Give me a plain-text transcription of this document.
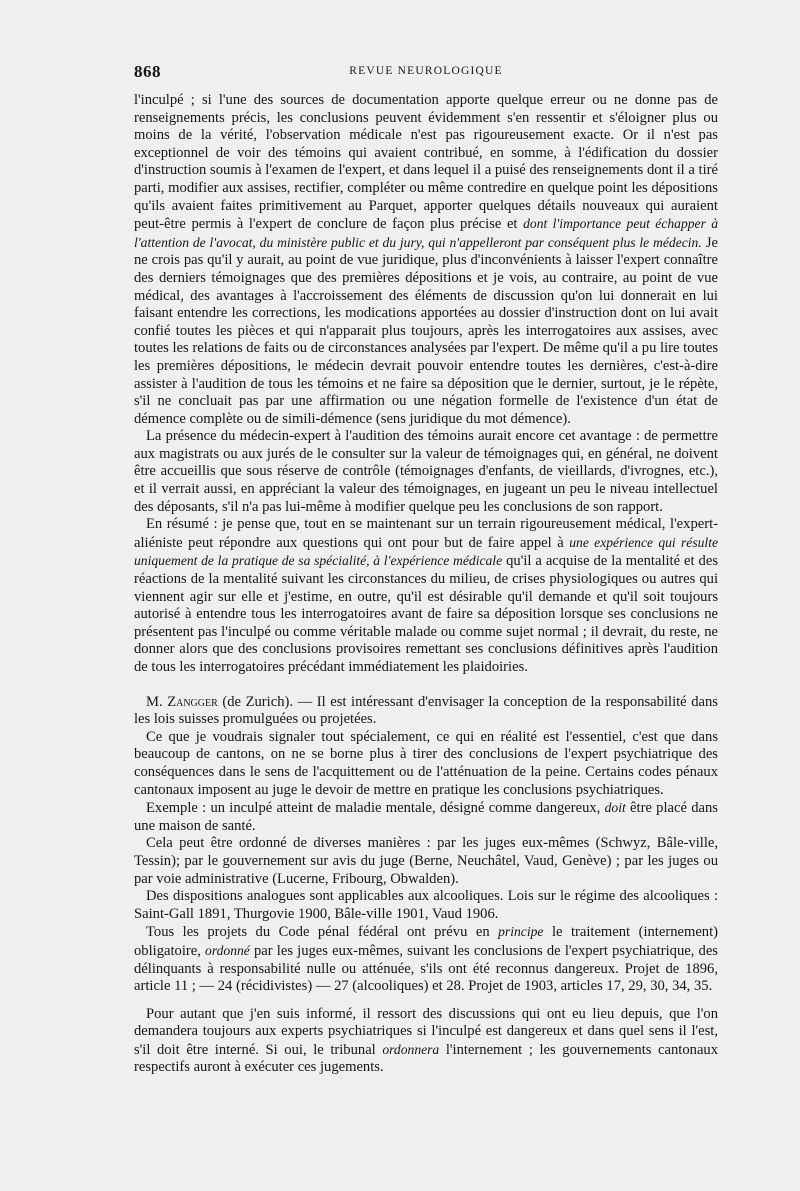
868	REVUE NEUROLOGIQUE

l'inculpé ; si l'une des sources de documentation apporte quelque erreur ou ne donne pas de renseignements précis, les conclusions peuvent évidemment s'en ressentir et s'éloigner plus ou moins de la vérité, l'observation médicale n'est pas rigoureusement exacte. Or il n'est pas exceptionnel de voir des témoins qui avaient contribué, en somme, à l'édification du dossier d'instruction soumis à l'examen de l'expert, et dans lequel il a puisé des renseignements dont il a tiré parti, modifier aux assises, rectifier, compléter ou même contredire en quelque point les dépositions qu'ils avaient faites primitivement au Parquet, apporter quelques détails nouveaux qui auraient peut-être permis à l'expert de conclure de façon plus précise et dont l'importance peut échapper à l'attention de l'avocat, du ministère public et du jury, qui n'appelleront par conséquent plus le médecin. Je ne crois pas qu'il y aurait, au point de vue juridique, plus d'inconvénients à laisser l'expert connaître des derniers témoignages que des premières dépositions et je vois, au contraire, au point de vue médical, des avantages à l'accroissement des éléments de discussion qu'on lui donnerait en lui faisant entendre les corrections, les modications apportées au dossier d'instruction dont on lui avait confié toutes les pièces et qui n'apparait plus toujours, après les interrogatoires aux assises, avec toutes les relations de faits ou de circonstances analysées par l'expert. De même qu'il a pu lire toutes les premières dépositions, le médecin devrait pouvoir entendre toutes les dernières, c'est-à-dire assister à l'audition de tous les témoins et ne faire sa déposition que le dernier, surtout, je le répète, s'il ne concluait pas par une affirmation ou une négation formelle de l'existence d'un état de démence complète ou de simili-démence (sens juridique du mot démence).

La présence du médecin-expert à l'audition des témoins aurait encore cet avantage : de permettre aux magistrats ou aux jurés de le consulter sur la valeur de témoignages qui, en général, ne doivent être accueillis que sous réserve de contrôle (témoignages d'enfants, de vieillards, d'ivrognes, etc.), et il verrait aussi, en appréciant la valeur des témoignages, en jugeant un peu le niveau intellectuel des déposants, s'il n'a pas lui-même à modifier quelque peu les conclusions de son rapport.

En résumé : je pense que, tout en se maintenant sur un terrain rigoureusement médical, l'expert-aliéniste peut répondre aux questions qui ont pour but de faire appel à une expérience qui résulte uniquement de la pratique de sa spécialité, à l'expérience médicale qu'il a acquise de la mentalité et des réactions de la mentalité suivant les circonstances du milieu, de crises physiologiques ou autres qui viennent agir sur elle et j'estime, en outre, qu'il est désirable qu'il demande et qu'il soit toujours autorisé à entendre tous les interrogatoires avant de faire sa déposition lorsque ses conclusions ne présentent pas l'inculpé ou comme véritable malade ou comme sujet normal ; il devrait, du reste, ne donner alors que des conclusions provisoires remettant ses conclusions définitives après l'audition de tous les interrogatoires précédant immédiatement les plaidoiries.

M. Zangger (de Zurich). — Il est intéressant d'envisager la conception de la responsabilité dans les lois suisses promulguées ou projetées.

Ce que je voudrais signaler tout spécialement, ce qui en réalité est l'essentiel, c'est que dans beaucoup de cantons, on ne se borne plus à tirer des conclusions de l'expert psychiatrique des conséquences dans le sens de l'acquittement ou de l'atténuation de la peine. Certains codes pénaux cantonaux imposent au juge le devoir de mettre en pratique les conclusions psychiatriques.

Exemple : un inculpé atteint de maladie mentale, désigné comme dangereux, doit être placé dans une maison de santé.

Cela peut être ordonné de diverses manières : par les juges eux-mêmes (Schwyz, Bâle-ville, Tessin); par le gouvernement sur avis du juge (Berne, Neuchâtel, Vaud, Genève) ; par les juges ou par voie administrative (Lucerne, Fribourg, Obwalden).

Des dispositions analogues sont applicables aux alcooliques. Lois sur le régime des alcooliques : Saint-Gall 1891, Thurgovie 1900, Bâle-ville 1901, Vaud 1906.

Tous les projets du Code pénal fédéral ont prévu en principe le traitement (internement) obligatoire, ordonné par les juges eux-mêmes, suivant les conclusions de l'expert psychiatrique, des délinquants à responsabilité nulle ou atténuée, s'ils ont été reconnus dangereux. Projet de 1896, article 11 ; — 24 (récidivistes) — 27 (alcooliques) et 28. Projet de 1903, articles 17, 29, 30, 34, 35.

Pour autant que j'en suis informé, il ressort des discussions qui ont eu lieu depuis, que l'on demandera toujours aux experts psychiatriques si l'inculpé est dangereux et dans quel sens il l'est, s'il doit être interné. Si oui, le tribunal ordonnera l'internement ; les gouvernements cantonaux respectifs auront à exécuter ces jugements.
